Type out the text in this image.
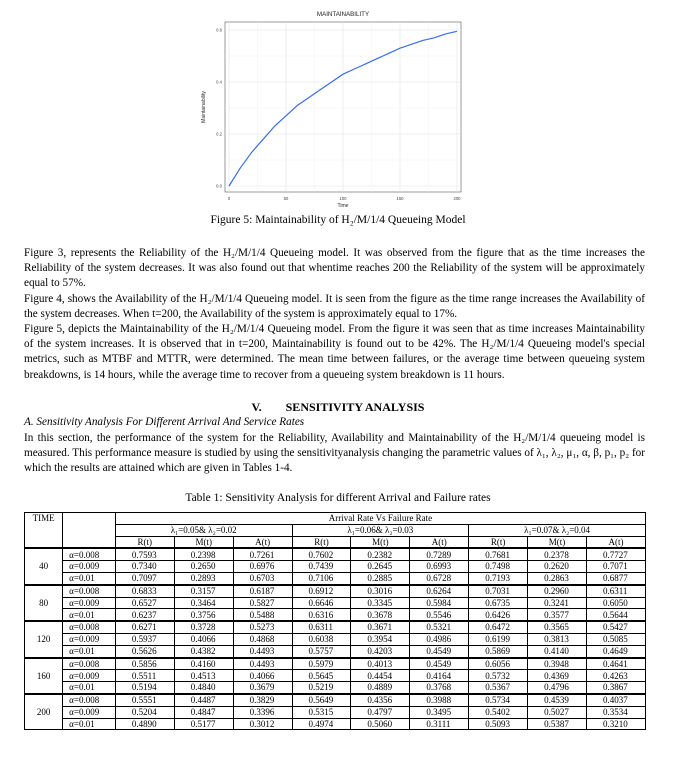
0	50	100	150	200
0.0
0.2
0.4
0.6
MAINTAINABILITY
Time
Maintainability
Figure 5: Maintainability of H₂/M/1/4 Queueing Model

Figure 3, represents the Reliability of the H₂/M/1/4 Queueing model. It was observed from the figure that as the time increases the Reliability of the system decreases. It was also found out that whentime reaches 200 the Reliability of the system will be approximately equal to 57%.

Figure 4, shows the Availability of the H₂/M/1/4 Queueing model. It is seen from the figure as the time range increases the Availability of the system decreases. When t=200, the Availability of the system is approximately equal to 17%.

Figure 5, depicts the Maintainability of the H₂/M/1/4 Queueing model. From the figure it was seen that as time increases Maintainability of the system increases. It is observed that in t=200, Maintainability is found out to be 42%. The H₂/M/1/4 Queueing model's special metrics, such as MTBF and MTTR, were determined. The mean time between failures, or the average time between queueing system breakdowns, is 14 hours, while the average time to recover from a queueing system breakdown is 11 hours.

V.  SENSITIVITY ANALYSIS
A. Sensitivity Analysis For Different Arrival And Service Rates
In this section, the performance of the system for the Reliability, Availability and Maintainability of the H₂/M/1/4 queueing model is measured. This performance measure is studied by using the sensitivityanalysis changing the parametric values of λ₁, λ₂, μ₁, α, β, p₁, p₂ for which the results are attained which are given in Tables 1-4.
Table 1: Sensitivity Analysis for different Arrival and Failure rates
TIME		Arrival Rate Vs Failure Rate								
		λ₁=0.05& λ₂=0.02			λ₁=0.06& λ₂=0.03			λ₁=0.07& λ₂=0.04		
		R(t)	M(t)	A(t)	R(t)	M(t)	A(t)	R(t)	M(t)	A(t)
40	α=0.008	0.7593	0.2398	0.7261	0.7602	0.2382	0.7289	0.7681	0.2378	0.7727
	α=0.009	0.7340	0.2650	0.6976	0.7439	0.2645	0.6993	0.7498	0.2620	0.7071
	α=0.01	0.7097	0.2893	0.6703	0.7106	0.2885	0.6728	0.7193	0.2863	0.6877
80	α=0.008	0.6833	0.3157	0.6187	0.6912	0.3016	0.6264	0.7031	0.2960	0.6311
	α=0.009	0.6527	0.3464	0.5827	0.6646	0.3345	0.5984	0.6735	0.3241	0.6050
	α=0.01	0.6237	0.3756	0.5488	0.6316	0.3678	0.5546	0.6426	0.3577	0.5644
120	α=0.008	0.6271	0.3728	0.5273	0.6311	0.3671	0.5321	0.6472	0.3565	0.5427
	α=0.009	0.5937	0.4066	0.4868	0.6038	0.3954	0.4986	0.6199	0.3813	0.5085
	α=0.01	0.5626	0.4382	0.4493	0.5757	0.4203	0.4549	0.5869	0.4140	0.4649
160	α=0.008	0.5856	0.4160	0.4493	0.5979	0.4013	0.4549	0.6056	0.3948	0.4641
	α=0.009	0.5511	0.4513	0.4066	0.5645	0.4454	0.4164	0.5732	0.4369	0.4263
	α=0.01	0.5194	0.4840	0.3679	0.5219	0.4889	0.3768	0.5367	0.4796	0.3867
200	α=0.008	0.5551	0.4487	0.3829	0.5649	0.4356	0.3988	0.5734	0.4539	0.4037
	α=0.009	0.5204	0.4847	0.3396	0.5315	0.4797	0.3495	0.5402	0.5027	0.3534
	α=0.01	0.4890	0.5177	0.3012	0.4974	0.5060	0.3111	0.5093	0.5387	0.3210
